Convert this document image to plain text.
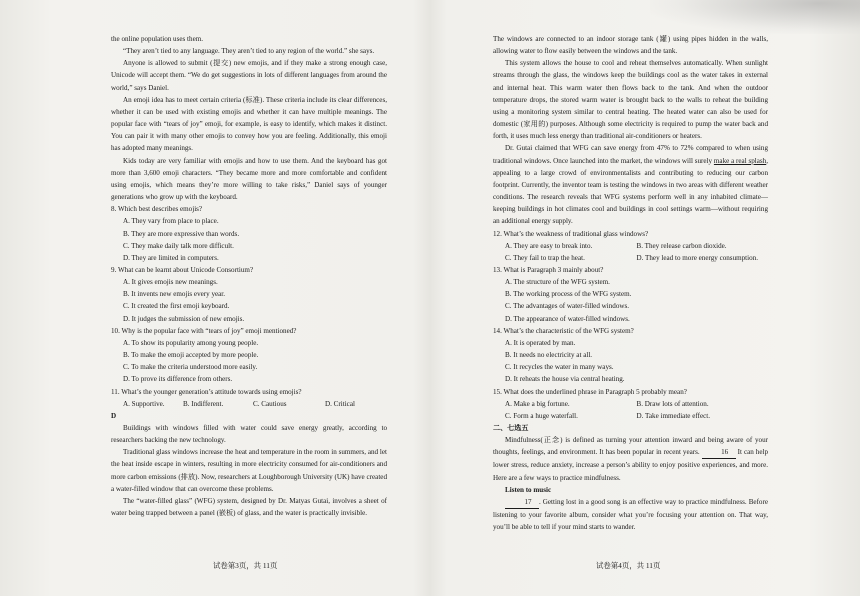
the online population uses them.

“They aren’t tied to any language. They aren’t tied to any region of the world.” she says.

Anyone is allowed to submit (提交) new emojis, and if they make a strong enough case, Unicode will accept them. “We do get suggestions in lots of different languages from around the world,” says Daniel.

An emoji idea has to meet certain criteria (标准). These criteria include its clear differences, whether it can be used with existing emojis and whether it can have multiple meanings. The popular face with “tears of joy” emoji, for example, is easy to identify, which makes it distinct. You can pair it with many other emojis to convey how you are feeling. Additionally, this emoji has adopted many meanings.

Kids today are very familiar with emojis and how to use them. And the keyboard has got more than 3,600 emoji characters. “They became more and more comfortable and confident using emojis, which means they’re more willing to take risks,” Daniel says of younger generations who grow up with the keyboard.

8. Which best describes emojis?

A. They vary from place to place.

B. They are more expressive than words.

C. They make daily talk more difficult.

D. They are limited in computers.

9. What can be learnt about Unicode Consortium?

A. It gives emojis new meanings.

B. It invents new emojis every year.

C. It created the first emoji keyboard.

D. It judges the submission of new emojis.

10. Why is the popular face with “tears of joy” emoji mentioned?

A. To show its popularity among young people.

B. To make the emoji accepted by more people.

C. To make the criteria understood more easily.

D. To prove its difference from others.

11. What’s the younger generation’s attitude towards using emojis?

A. Supportive.	B. Indifferent.	C. Cautious	D. Critical

D

Buildings with windows filled with water could save energy greatly, according to researchers backing the new technology.

Traditional glass windows increase the heat and temperature in the room in summers, and let the heat inside escape in winters, resulting in more electricity consumed for air-conditioners and more carbon emissions (排放). Now, researchers at Loughborough University (UK) have created a water-filled window that can overcome these problems.

The “water-filled glass” (WFG) system, designed by Dr. Matyas Gutai, involves a sheet of water being trapped between a panel (嵌板) of glass, and the water is practically invisible.

The windows are connected to an indoor storage tank (罐) using pipes hidden in the walls, allowing water to flow easily between the windows and the tank.

This system allows the house to cool and reheat themselves automatically. When sunlight streams through the glass, the windows keep the buildings cool as the water takes in external and internal heat. This warm water then flows back to the tank. And when the outdoor temperature drops, the stored warm water is brought back to the walls to reheat the building using a monitoring system similar to central heating. The heated water can also be used for domestic (家用的) purposes. Although some electricity is required to pump the water back and forth, it uses much less energy than traditional air-conditioners or heaters.

Dr. Gutai claimed that WFG can save energy from 47% to 72% compared to when using traditional windows. Once launched into the market, the windows will surely make a real splash, appealing to a large crowd of environmentalists and contributing to reducing our carbon footprint. Currently, the inventor team is testing the windows in two areas with different weather conditions. The research reveals that WFG systems perform well in any inhabited climate—keeping buildings in hot climates cool and buildings in cool settings warm—without requiring an additional energy supply.

12. What’s the weakness of traditional glass windows?

A. They are easy to break into.	B. They release carbon dioxide.
C. They fail to trap the heat.	D. They lead to more energy consumption.

13. What is Paragraph 3 mainly about?

A. The structure of the WFG system.

B. The working process of the WFG system.

C. The advantages of water-filled windows.

D. The appearance of water-filled windows.

14. What’s the characteristic of the WFG system?

A. It is operated by man.

B. It needs no electricity at all.

C. It recycles the water in many ways.

D. It reheats the house via central heating.

15. What does the underlined phrase in Paragraph 5 probably mean?

A. Make a big fortune.	B. Draw lots of attention.
C. Form a huge waterfall.	D. Take immediate effect.

二、七选五

Mindfulness(正念) is defined as turning your attention inward and being aware of your thoughts, feelings, and environment. It has been popular in recent years.	16 It can help lower stress, reduce anxiety, increase a person’s ability to enjoy positive experiences, and more. Here are a few ways to practice mindfulness.

Listen to music

17 . Getting lost in a good song is an effective way to practice mindfulness. Before listening to your favorite album, consider what you’re focusing your attention on. That way, you’ll be able to tell if your mind starts to wander.

试卷第3页，共 11页	试卷第4页，共 11页
